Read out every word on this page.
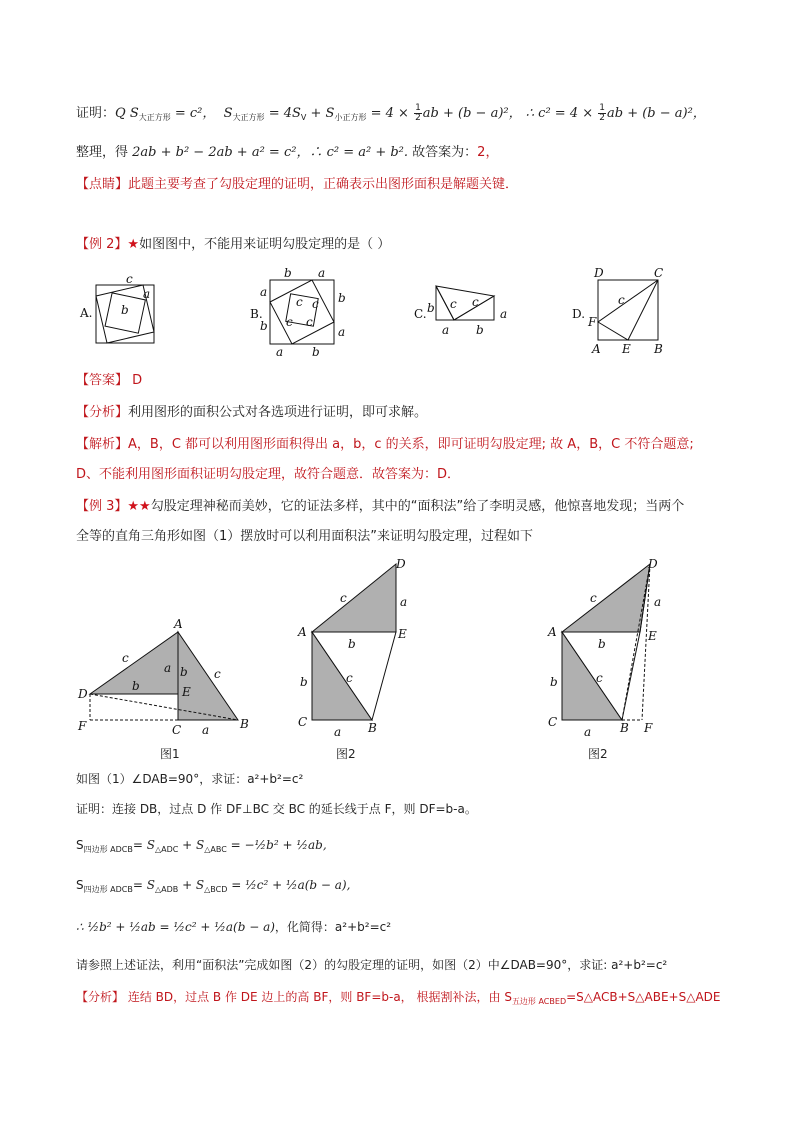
证明：Q $S_{大正方形} = c^2$， $S_{大正方形} = 4S_V + S_{小正方形} = 4 \times \frac{1}{2}$ ab + (b − a)²， ∴ $c^2 = 4 \times \frac{1}{2}$ ab + (b − a)²，
整理，得 2ab + b² − 2ab + a² = c²，∴ c² = a² + b². 故答案为：2，
【点睛】此题主要考查了勾股定理的证明，正确表示出图形面积是解题关键．
【例 2】★如图图中，不能用来证明勾股定理的是（ ）
A.
c
a
b	B.
b a
a	b
b	a
a b
c c
c c
C. b c c
a b
a	D.
D	C
c
F
A E B
【答案】 D
【分析】利用图形的面积公式对各选项进行证明，即可求解。
【解析】A，B，C 都可以利用图形面积得出 a，b，c 的关系，即可证明勾股定理; 故 A，B，C 不符合题意;
D、不能利用图形面积证明勾股定理，故符合题意．故答案为：D．
【例 3】★★勾股定理神秘而美妙，它的证法多样，其中的“面积法”给了李明灵感，他惊喜地发现；当两个
全等的直角三角形如图（1）摆放时可以利用面积法”来证明勾股定理，过程如下
A
D	E
F	C	B
c
c
a b
b
a
图1
D
A	E
C	B
c	a
b
b	c
a
图2
D
A	E
C	B F
c	a
b
b	c
a
图2
如图（1）∠DAB=90°，求证：a²+b²=c²
证明：连接 DB，过点 D 作 DF⊥BC 交 BC 的延长线于点 F，则 DF=b-a。
$S_{四边形 ADCB}= S_{\triangle ADC} + S_{\triangle ABC}$ = −½b² + ½ab,
$S_{四边形 ADCB}= S_{\triangle ADB} + S_{\triangle BCD}$ = ½c² + ½a(b − a),
∴ ½b² + ½ab = ½c² + ½a(b − a)，化简得：a²+b²=c²
请参照上述证法，利用“面积法”完成如图（2）的勾股定理的证明，如图（2）中∠DAB=90°，求证: a²+b²=c²
【分析】 连结 BD，过点 B 作 DE 边上的高 BF，则 BF=b-a， 根据割补法，由 $S_{五边形 ACBED}=S\triangle ACB+S\triangle ABE+S\triangle ADE$
